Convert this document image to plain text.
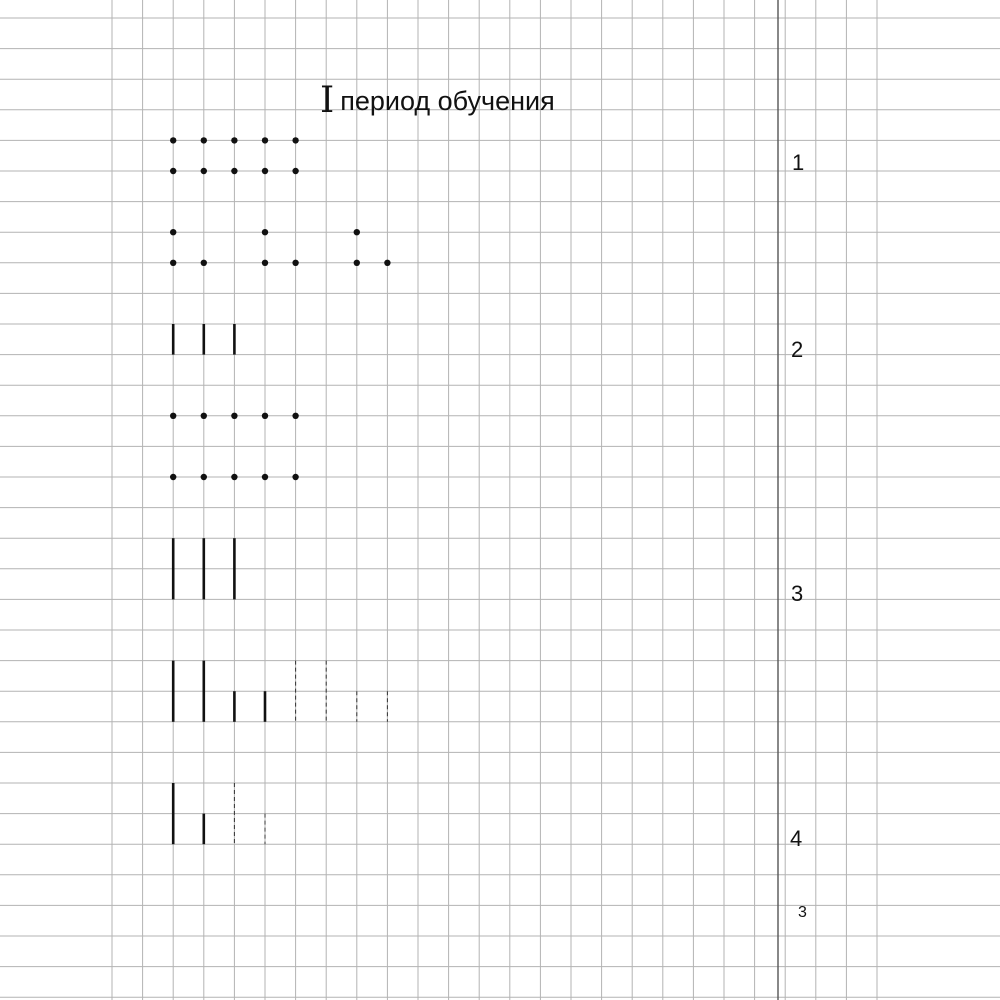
I период обучения
1
2
3
4
3
